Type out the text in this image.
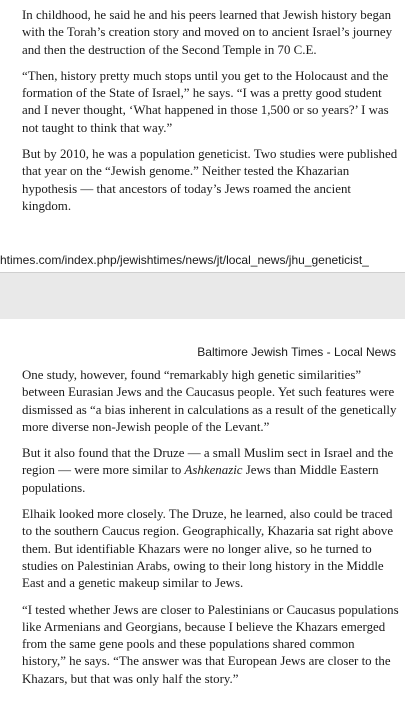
In childhood, he said he and his peers learned that Jewish history began with the Torah’s creation story and moved on to ancient Israel’s journey and then the destruction of the Second Temple in 70 C.E.

“Then, history pretty much stops until you get to the Holocaust and the formation of the State of Israel,” he says. “I was a pretty good student and I never thought, ‘What happened in those 1,500 or so years?’ I was not taught to think that way.”

But by 2010, he was a population geneticist. Two studies were published that year on the “Jewish genome.” Neither tested the Khazarian hypothesis — that ancestors of today’s Jews roamed the ancient kingdom.

htimes.com/index.php/jewishtimes/news/jt/local_news/jhu_geneticist_
Baltimore Jewish Times - Local News

One study, however, found “remarkably high genetic similarities” between Eurasian Jews and the Caucasus people. Yet such features were dismissed as “a bias inherent in calculations as a result of the genetically more diverse non-Jewish people of the Levant.”

But it also found that the Druze — a small Muslim sect in Israel and the region — were more similar to Ashkenazic Jews than Middle Eastern populations.

Elhaik looked more closely. The Druze, he learned, also could be traced to the southern Caucus region. Geographically, Khazaria sat right above them. But identifiable Khazars were no longer alive, so he turned to studies on Palestinian Arabs, owing to their long history in the Middle East and a genetic makeup similar to Jews.

“I tested whether Jews are closer to Palestinians or Caucasus populations like Armenians and Georgians, because I believe the Khazars emerged from the same gene pools and these populations shared common history,” he says. “The answer was that European Jews are closer to the Khazars, but that was only half the story.”
